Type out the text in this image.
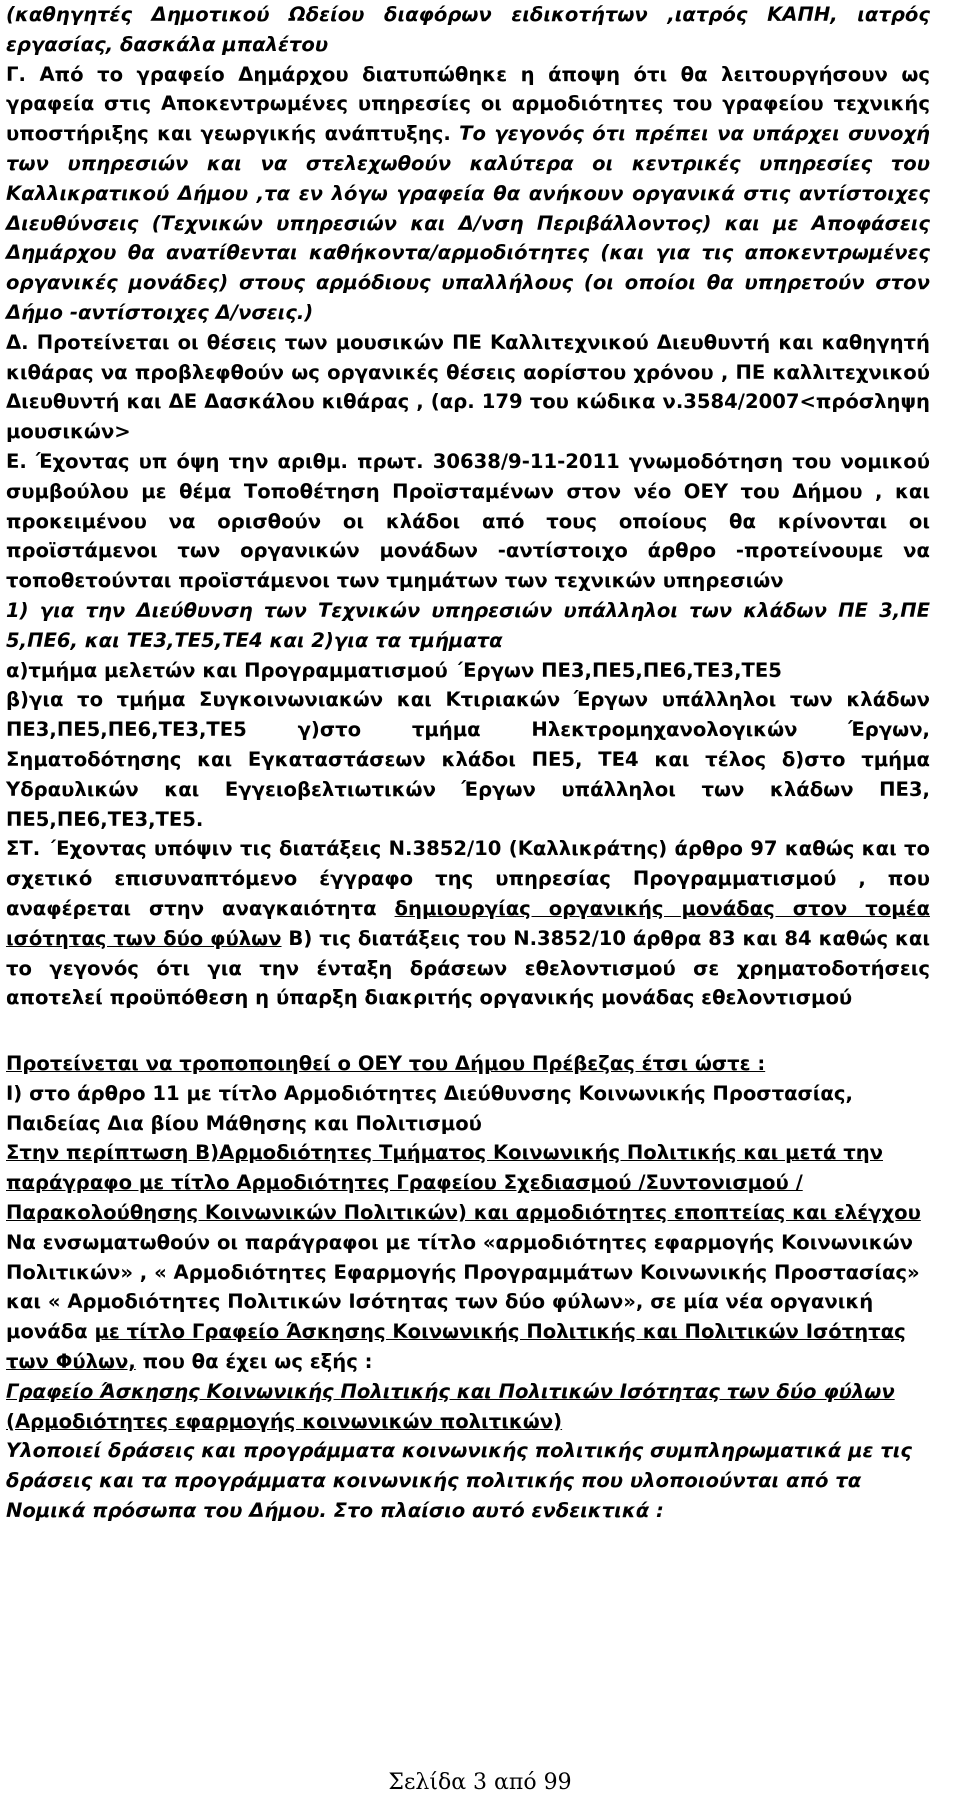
(καθηγητές Δημοτικού Ωδείου διαφόρων ειδικοτήτων ,ιατρός ΚΑΠΗ, ιατρός εργασίας, δασκάλα μπαλέτου

Γ. Από το γραφείο Δημάρχου διατυπώθηκε η άποψη ότι θα λειτουργήσουν ως γραφεία στις Αποκεντρωμένες υπηρεσίες οι αρμοδιότητες του γραφείου τεχνικής υποστήριξης και γεωργικής ανάπτυξης. Το γεγονός ότι πρέπει να υπάρχει συνοχή των υπηρεσιών και να στελεχωθούν καλύτερα οι κεντρικές υπηρεσίες του Καλλικρατικού Δήμου ,τα εν λόγω γραφεία θα ανήκουν οργανικά στις αντίστοιχες Διευθύνσεις (Τεχνικών υπηρεσιών και Δ/νση Περιβάλλοντος) και με Αποφάσεις Δημάρχου θα ανατίθενται καθήκοντα/αρμοδιότητες (και για τις αποκεντρωμένες οργανικές μονάδες) στους αρμόδιους υπαλλήλους (οι οποίοι θα υπηρετούν στον Δήμο -αντίστοιχες Δ/νσεις.)

Δ. Προτείνεται οι θέσεις των μουσικών ΠΕ Καλλιτεχνικού Διευθυντή και καθηγητή κιθάρας να προβλεφθούν ως οργανικές θέσεις αορίστου χρόνου , ΠΕ καλλιτεχνικού Διευθυντή και ΔΕ Δασκάλου κιθάρας , (αρ. 179 του κώδικα ν.3584/2007<πρόσληψη μουσικών>

Ε. Έχοντας υπ όψη την αριθμ. πρωτ. 30638/9-11-2011 γνωμοδότηση του νομικού συμβούλου με θέμα Τοποθέτηση Προϊσταμένων στον νέο ΟΕΥ του Δήμου , και προκειμένου να ορισθούν οι κλάδοι από τους οποίους θα κρίνονται οι προϊστάμενοι των οργανικών μονάδων -αντίστοιχο άρθρο -προτείνουμε να τοποθετούνται προϊστάμενοι των τμημάτων των τεχνικών υπηρεσιών

1) για την Διεύθυνση των Τεχνικών υπηρεσιών υπάλληλοι των κλάδων ΠΕ 3,ΠΕ 5,ΠΕ6, και ΤΕ3,ΤΕ5,ΤΕ4 και 2)για τα τμήματα

α)τμήμα μελετών και Προγραμματισμού ΄Εργων ΠΕ3,ΠΕ5,ΠΕ6,ΤΕ3,ΤΕ5

β)για το τμήμα Συγκοινωνιακών και Κτιριακών Έργων υπάλληλοι των κλάδων ΠΕ3,ΠΕ5,ΠΕ6,ΤΕ3,ΤΕ5 γ)στο τμήμα Ηλεκτρομηχανολογικών Έργων, Σηματοδότησης και Εγκαταστάσεων κλάδοι ΠΕ5, ΤΕ4 και τέλος δ)στο τμήμα Υδραυλικών και Εγγειοβελτιωτικών Έργων υπάλληλοι των κλάδων ΠΕ3, ΠΕ5,ΠΕ6,ΤΕ3,ΤΕ5.

ΣΤ. ΄Εχοντας υπόψιν τις διατάξεις Ν.3852/10 (Καλλικράτης) άρθρο 97 καθώς και το σχετικό επισυναπτόμενο έγγραφο της υπηρεσίας Προγραμματισμού , που αναφέρεται στην αναγκαιότητα δημιουργίας οργανικής μονάδας στον τομέα ισότητας των δύο φύλων Β) τις διατάξεις του Ν.3852/10 άρθρα 83 και 84 καθώς και το γεγονός ότι για την ένταξη δράσεων εθελοντισμού σε χρηματοδοτήσεις αποτελεί προϋπόθεση η ύπαρξη διακριτής οργανικής μονάδας εθελοντισμού

Προτείνεται να τροποποιηθεί ο ΟΕΥ του Δήμου Πρέβεζας έτσι ώστε :

Ι) στο άρθρο 11 με τίτλο Αρμοδιότητες Διεύθυνσης Κοινωνικής Προστασίας, Παιδείας Δια βίου Μάθησης και Πολιτισμού

Στην περίπτωση Β)Αρμοδιότητες Τμήματος Κοινωνικής Πολιτικής και μετά την παράγραφο με τίτλο Αρμοδιότητες Γραφείου Σχεδιασμού /Συντονισμού /Παρακολούθησης Κοινωνικών Πολιτικών) και αρμοδιότητες εποπτείας και ελέγχου

Να ενσωματωθούν οι παράγραφοι με τίτλο «αρμοδιότητες εφαρμογής Κοινωνικών Πολιτικών» , « Αρμοδιότητες Εφαρμογής Προγραμμάτων Κοινωνικής Προστασίας» και « Αρμοδιότητες Πολιτικών Ισότητας των δύο φύλων», σε μία νέα οργανική μονάδα με τίτλο Γραφείο Άσκησης Κοινωνικής Πολιτικής και Πολιτικών Ισότητας των Φύλων, που θα έχει ως εξής :

Γραφείο Άσκησης Κοινωνικής Πολιτικής και Πολιτικών Ισότητας των δύο φύλων

(Αρμοδιότητες εφαρμογής κοινωνικών πολιτικών)

Υλοποιεί δράσεις και προγράμματα κοινωνικής πολιτικής συμπληρωματικά με τις δράσεις και τα προγράμματα κοινωνικής πολιτικής που υλοποιούνται από τα Νομικά πρόσωπα του Δήμου. Στο πλαίσιο αυτό ενδεικτικά :

Σελίδα 3 από 99
